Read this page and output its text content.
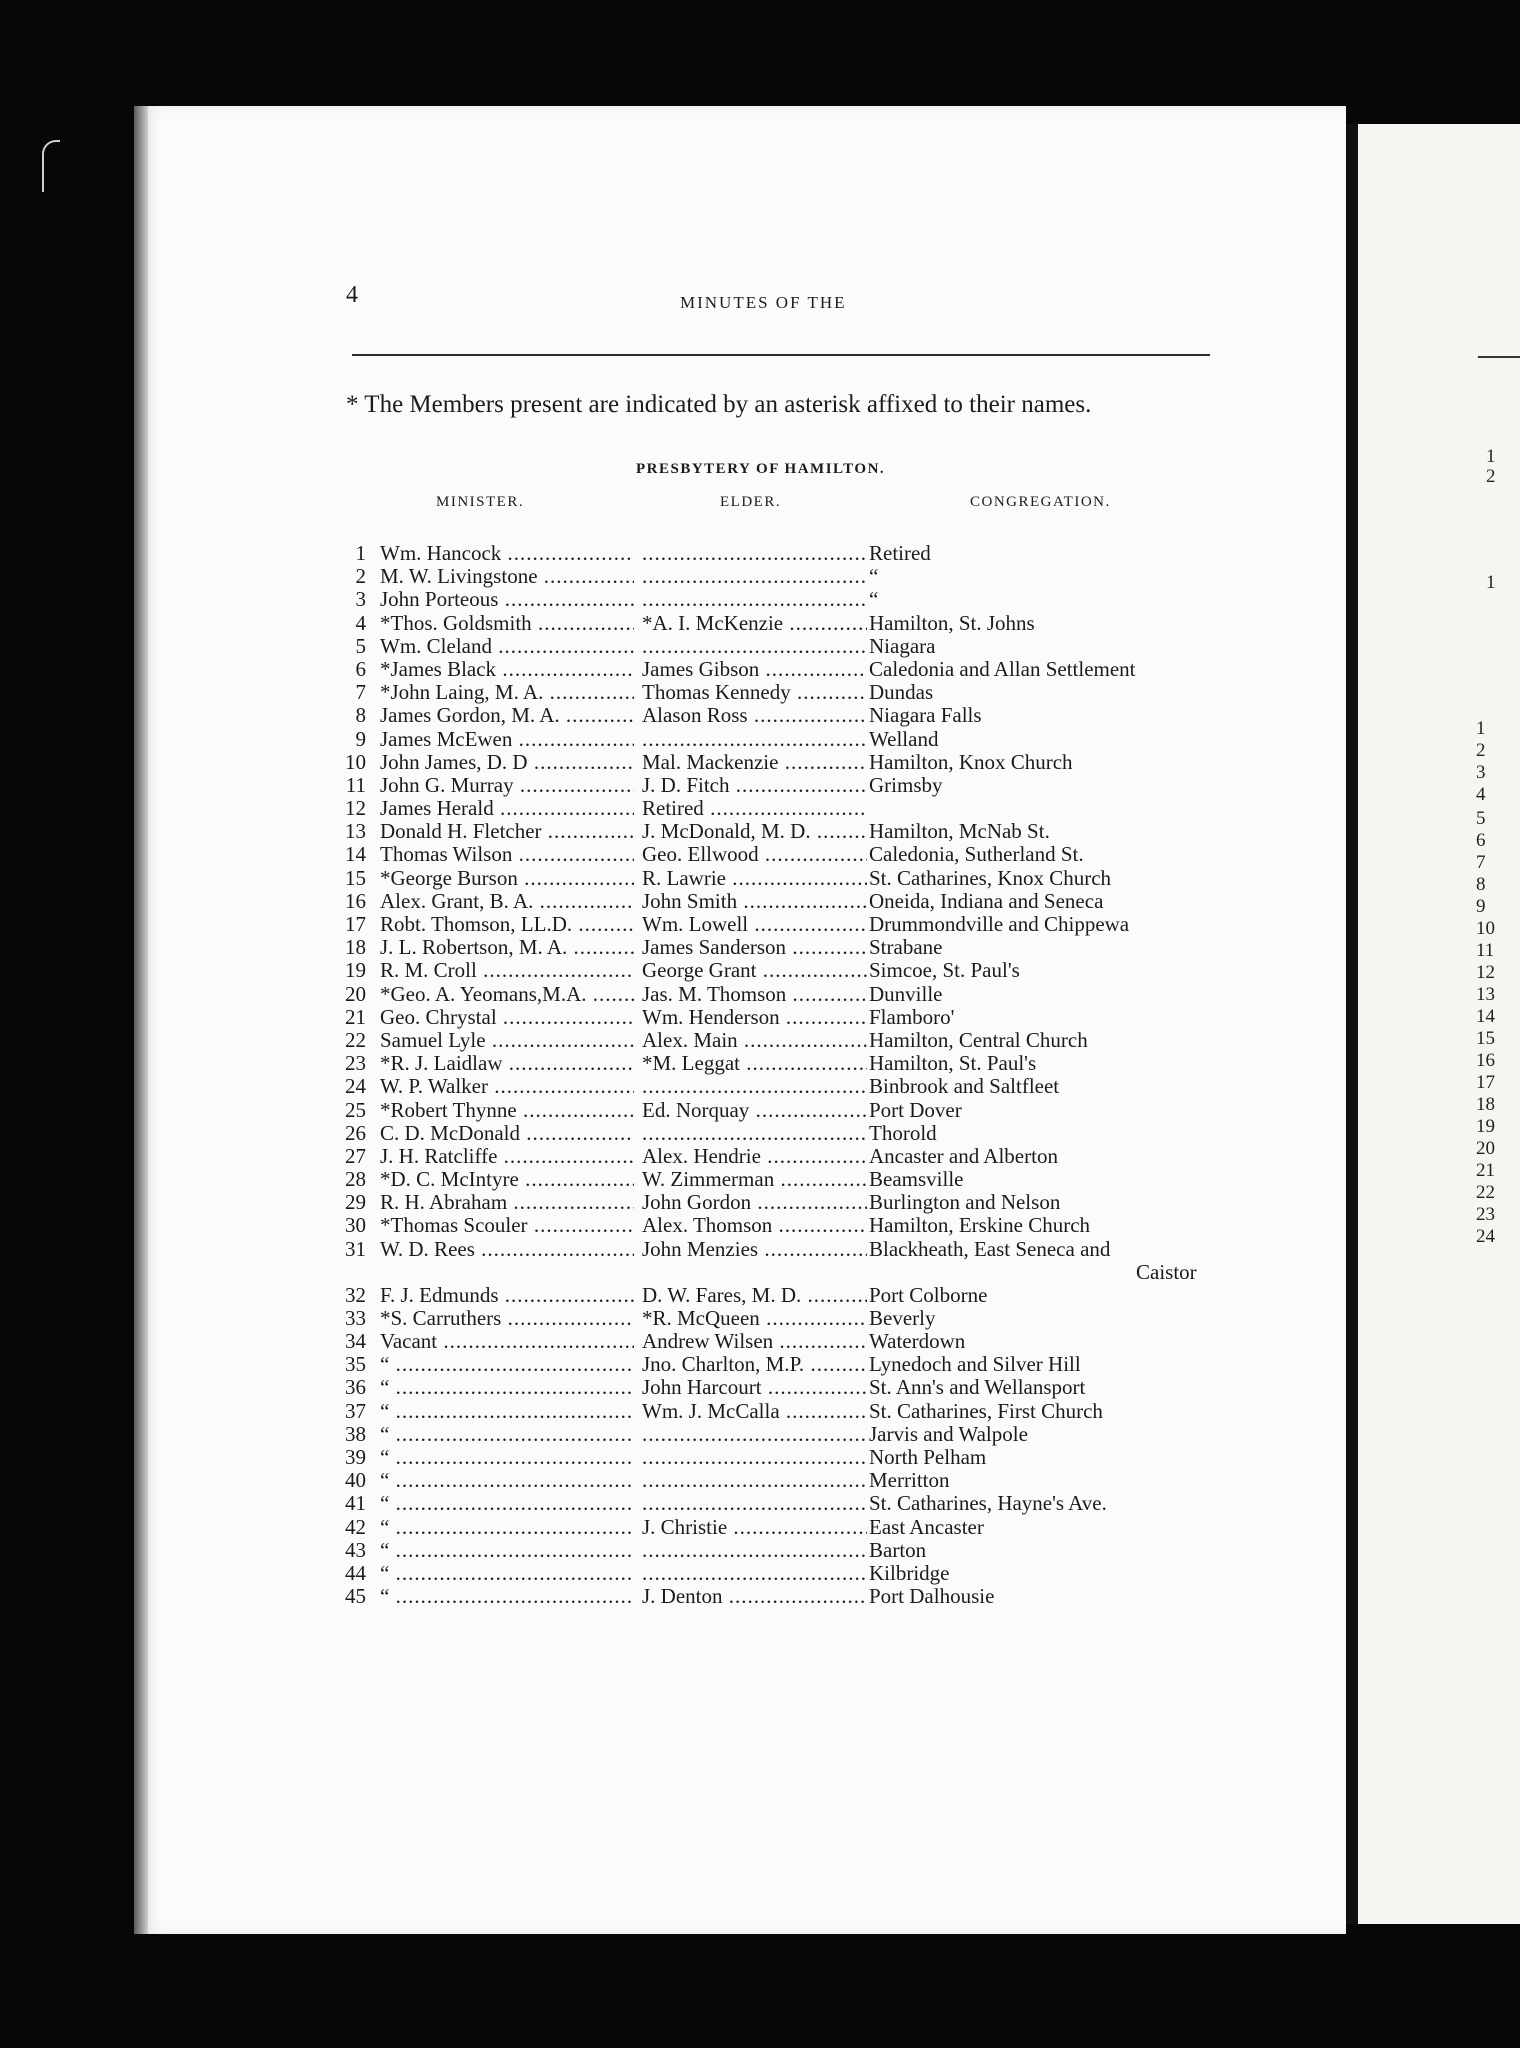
1
2
1
1
2
3
4
5
6
7
8
9
10
11
12
13
14
15
16
17
18
19
20
21
22
23
24
4	MINUTES OF THE
* The Members present are indicated by an asterisk affixed to their names.
PRESBYTERY OF HAMILTON.
MINISTER.	ELDER.	CONGREGATION.
1 Wm. Hancock ..... .....	Retired
2 M. W. Livingstone ..... .....	“
3 John Porteous ..... .....	“
4 *Thos. Goldsmith .....	*A. I. McKenzie .....	Hamilton, St. Johns
5 Wm. Cleland ..... .....	Niagara
6 *James Black .....	James Gibson .....	Caledonia and Allan Settlement
7 *John Laing, M. A. .....	Thomas Kennedy .....	Dundas
8 James Gordon, M. A. .....	Alason Ross .....	Niagara Falls
9 James McEwen ..... .....	Welland
10 John James, D. D .....	Mal. Mackenzie .....	Hamilton, Knox Church
11 John G. Murray .....	J. D. Fitch .....	Grimsby
12 James Herald .....	Retired .....
13 Donald H. Fletcher .....	J. McDonald, M. D. .....	Hamilton, McNab St.
14 Thomas Wilson .....	Geo. Ellwood .....	Caledonia, Sutherland St.
15 *George Burson .....	R. Lawrie .....	St. Catharines, Knox Church
16 Alex. Grant, B. A. .....	John Smith .....	Oneida, Indiana and Seneca
17 Robt. Thomson, LL.D. .....	Wm. Lowell .....	Drummondville and Chippewa
18 J. L. Robertson, M. A. .....	James Sanderson .....	Strabane
19 R. M. Croll .....	George Grant .....	Simcoe, St. Paul's
20 *Geo. A. Yeomans,M.A. .....	Jas. M. Thomson .....	Dunville
21 Geo. Chrystal .....	Wm. Henderson .....	Flamboro'
22 Samuel Lyle .....	Alex. Main .....	Hamilton, Central Church
23 *R. J. Laidlaw .....	*M. Leggat .....	Hamilton, St. Paul's
24 W. P. Walker ..... .....	Binbrook and Saltfleet
25 *Robert Thynne .....	Ed. Norquay .....	Port Dover
26 C. D. McDonald ..... .....	Thorold
27 J. H. Ratcliffe .....	Alex. Hendrie .....	Ancaster and Alberton
28 *D. C. McIntyre .....	W. Zimmerman .....	Beamsville
29 R. H. Abraham .....	John Gordon .....	Burlington and Nelson
30 *Thomas Scouler .....	Alex. Thomson .....	Hamilton, Erskine Church
31 W. D. Rees .....	John Menzies .....	Blackheath, East Seneca and
Caistor
32 F. J. Edmunds .....	D. W. Fares, M. D. .....	Port Colborne
33 *S. Carruthers .....	*R. McQueen .....	Beverly
34 Vacant .....	Andrew Wilsen .....	Waterdown
35 “ .....	Jno. Charlton, M.P. .....	Lynedoch and Silver Hill
36 “ .....	John Harcourt .....	St. Ann's and Wellansport
37 “ .....	Wm. J. McCalla .....	St. Catharines, First Church
38 “ ..... .....	Jarvis and Walpole
39 “ ..... .....	North Pelham
40 “ ..... .....	Merritton
41 “ ..... .....	St. Catharines, Hayne's Ave.
42 “ .....	J. Christie .....	East Ancaster
43 “ ..... .....	Barton
44 “ ..... .....	Kilbridge
45 “ .....	J. Denton .....	Port Dalhousie
